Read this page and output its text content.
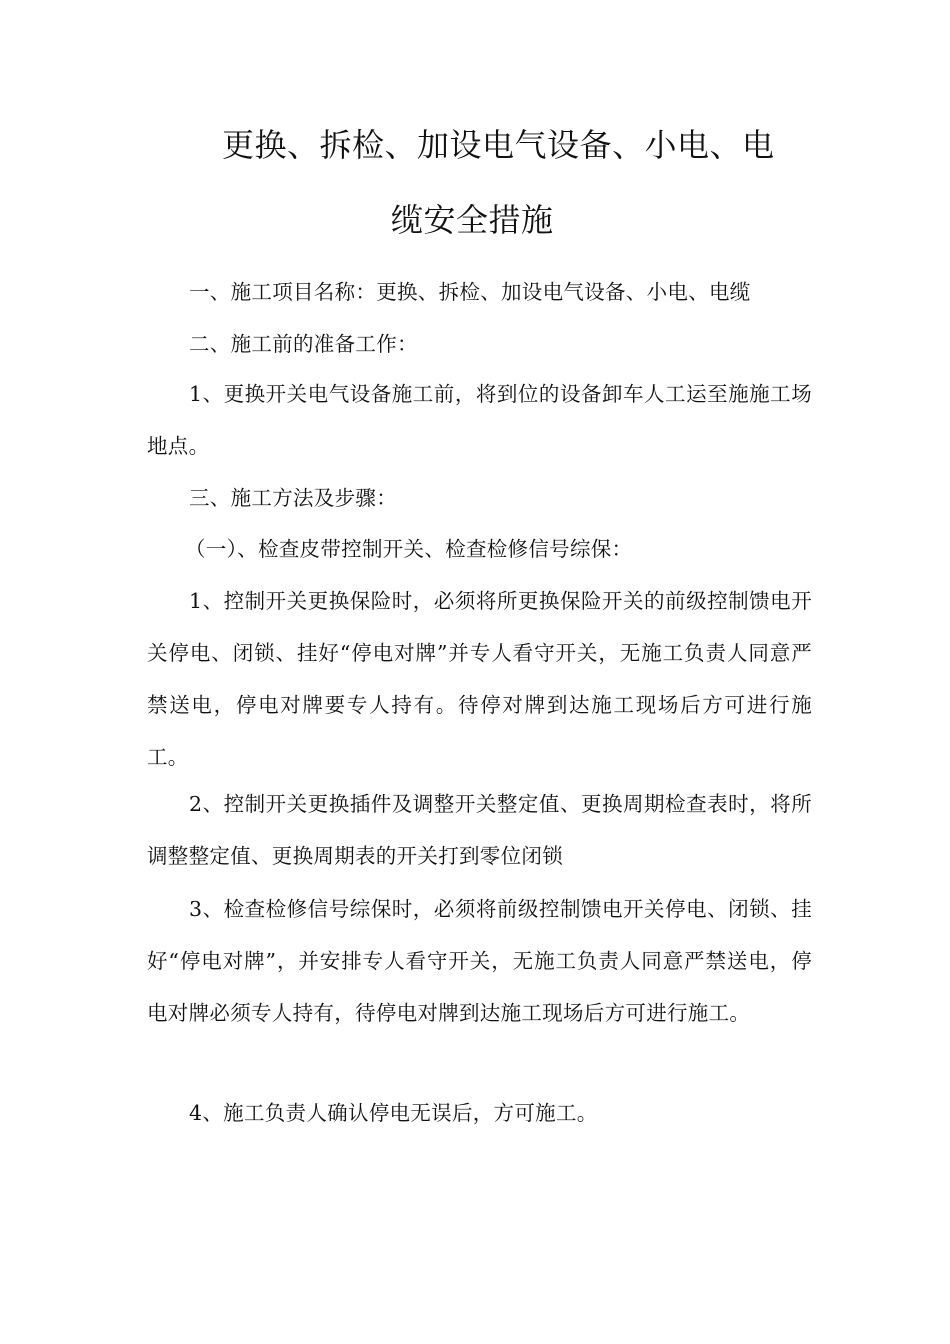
更换、拆检、加设电气设备、小电、电
缆安全措施

一、施工项目名称：更换、拆检、加设电气设备、小电、电缆

二、施工前的准备工作：

1、更换开关电气设备施工前，将到位的设备卸车人工运至施施工场地点。

三、施工方法及步骤：

（一）、检查皮带控制开关、检查检修信号综保：

1、控制开关更换保险时，必须将所更换保险开关的前级控制馈电开关停电、闭锁、挂好“停电对牌”并专人看守开关，无施工负责人同意严禁送电，停电对牌要专人持有。待停对牌到达施工现场后方可进行施工。

2、控制开关更换插件及调整开关整定值、更换周期检查表时，将所调整整定值、更换周期表的开关打到零位闭锁

3、检查检修信号综保时，必须将前级控制馈电开关停电、闭锁、挂好“停电对牌”，并安排专人看守开关，无施工负责人同意严禁送电，停电对牌必须专人持有，待停电对牌到达施工现场后方可进行施工。

4、施工负责人确认停电无误后，方可施工。
